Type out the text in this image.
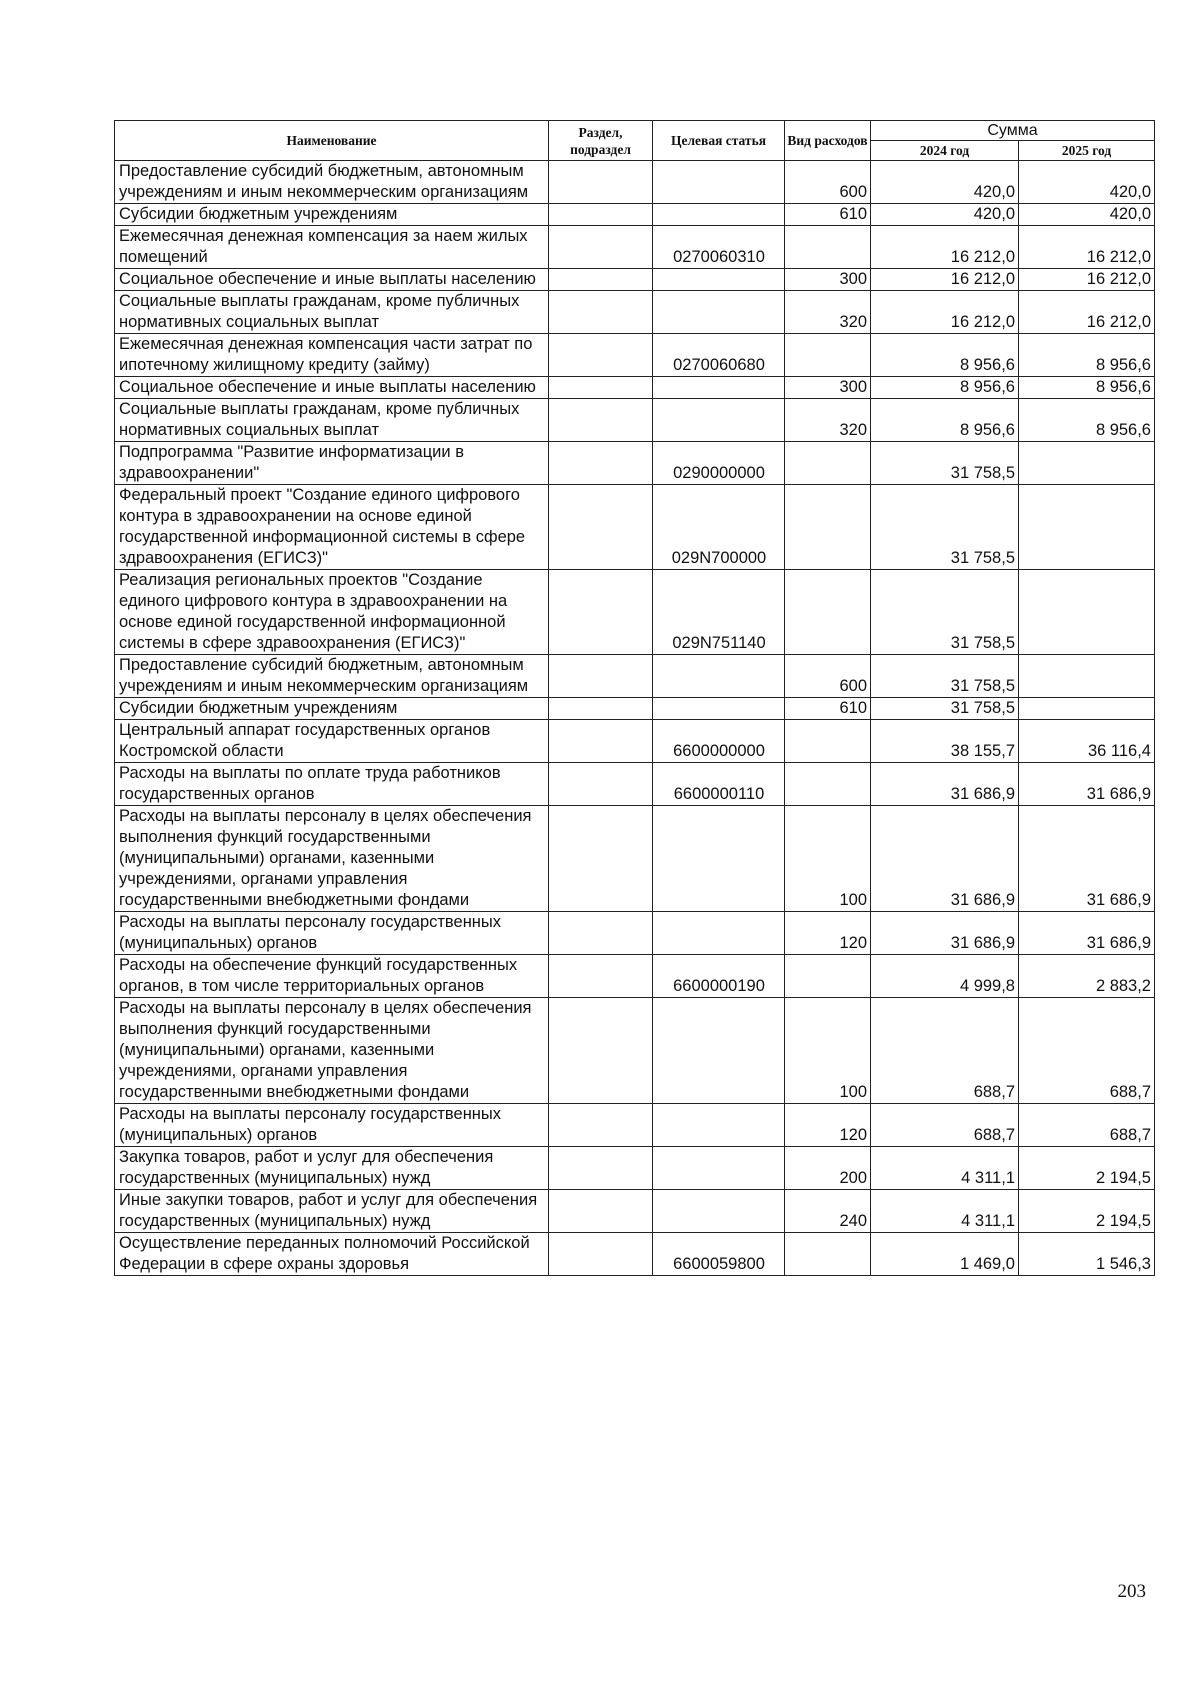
Наименование	Раздел, подраздел	Целевая статья	Вид расходов	Сумма	
				2024 год	2025 год
Предоставление субсидий бюджетным, автономным учреждениям и иным некоммерческим организациям			600	420,0	420,0
Субсидии бюджетным учреждениям			610	420,0	420,0
Ежемесячная денежная компенсация за наем жилых помещений		0270060310		16 212,0	16 212,0
Социальное обеспечение и иные выплаты населению			300	16 212,0	16 212,0
Социальные выплаты гражданам, кроме публичных нормативных социальных выплат			320	16 212,0	16 212,0
Ежемесячная денежная компенсация части затрат по ипотечному жилищному кредиту (займу)		0270060680		8 956,6	8 956,6
Социальное обеспечение и иные выплаты населению			300	8 956,6	8 956,6
Социальные выплаты гражданам, кроме публичных нормативных социальных выплат			320	8 956,6	8 956,6
Подпрограмма "Развитие информатизации в здравоохранении"		0290000000		31 758,5	
Федеральный проект "Создание единого цифрового контура в здравоохранении на основе единой государственной информационной системы в сфере здравоохранения (ЕГИСЗ)"		029N700000		31 758,5	
Реализация региональных проектов "Создание единого цифрового контура в здравоохранении на основе единой государственной информационной системы в сфере здравоохранения (ЕГИСЗ)"		029N751140		31 758,5	
Предоставление субсидий бюджетным, автономным учреждениям и иным некоммерческим организациям			600	31 758,5	
Субсидии бюджетным учреждениям			610	31 758,5	
Центральный аппарат государственных органов Костромской области		6600000000		38 155,7	36 116,4
Расходы на выплаты по оплате труда работников государственных органов		6600000110		31 686,9	31 686,9
Расходы на выплаты персоналу в целях обеспечения выполнения функций государственными (муниципальными) органами, казенными учреждениями, органами управления государственными внебюджетными фондами			100	31 686,9	31 686,9
Расходы на выплаты персоналу государственных (муниципальных) органов			120	31 686,9	31 686,9
Расходы на обеспечение функций государственных органов, в том числе территориальных органов		6600000190		4 999,8	2 883,2
Расходы на выплаты персоналу в целях обеспечения выполнения функций государственными (муниципальными) органами, казенными учреждениями, органами управления государственными внебюджетными фондами			100	688,7	688,7
Расходы на выплаты персоналу государственных (муниципальных) органов			120	688,7	688,7
Закупка товаров, работ и услуг для обеспечения государственных (муниципальных) нужд			200	4 311,1	2 194,5
Иные закупки товаров, работ и услуг для обеспечения государственных (муниципальных) нужд			240	4 311,1	2 194,5
Осуществление переданных полномочий Российской Федерации в сфере охраны здоровья		6600059800		1 469,0	1 546,3
203
